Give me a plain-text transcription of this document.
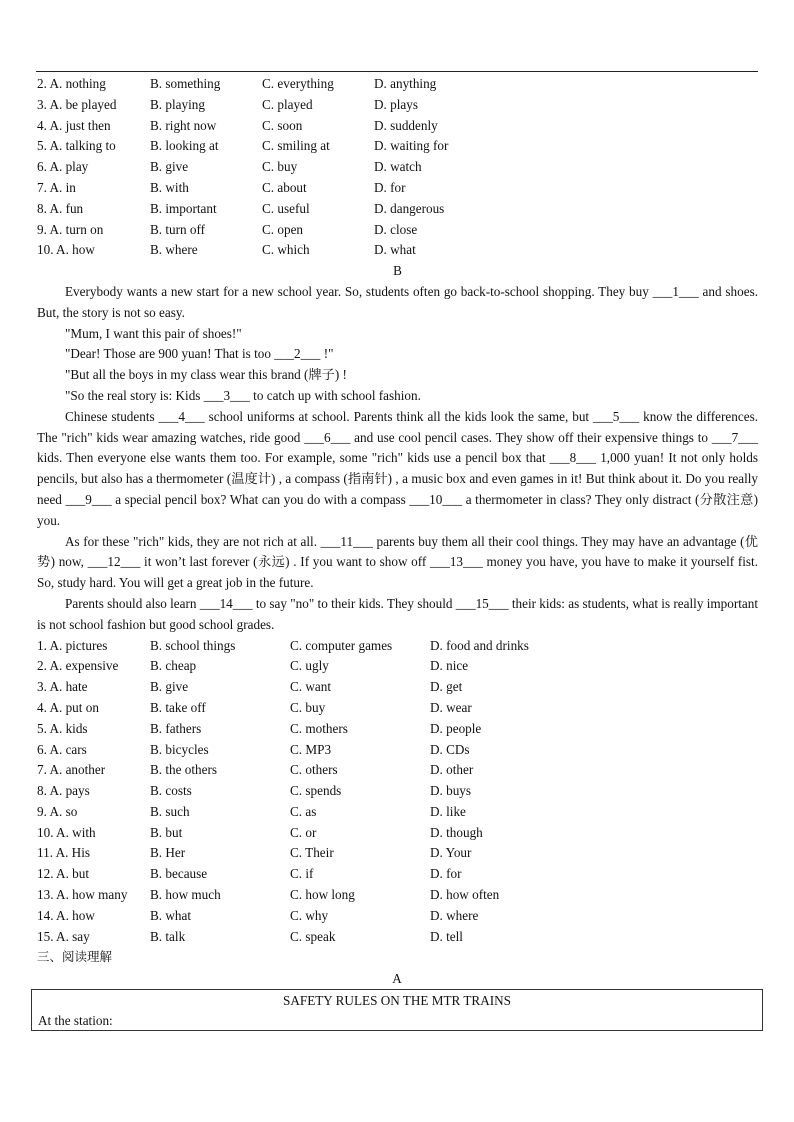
2. A. nothing	B. something	C. everything	D. anything
3. A. be played	B. playing	C. played	D. plays
4. A. just then	B. right now	C. soon	D. suddenly
5. A. talking to	B. looking at	C. smiling at	D. waiting for
6. A. play	B. give	C. buy	D. watch
7. A. in	B. with	C. about	D. for
8. A. fun	B. important	C. useful	D. dangerous
9. A. turn on	B. turn off	C. open	D. close
10. A. how	B. where	C. which	D. what
B

Everybody wants a new start for a new school year. So, students often go back-to-school shopping. They buy ___1___ and shoes. But, the story is not so easy.

"Mum, I want this pair of shoes!"

"Dear! Those are 900 yuan! That is too ___2___ !"

"But all the boys in my class wear this brand (牌子) !

"So the real story is: Kids ___3___ to catch up with school fashion.

Chinese students ___4___ school uniforms at school. Parents think all the kids look the same, but ___5___ know the differences. The "rich" kids wear amazing watches, ride good ___6___ and use cool pencil cases. They show off their expensive things to ___7___ kids. Then everyone else wants them too. For example, some "rich" kids use a pencil box that ___8___ 1,000 yuan! It not only holds pencils, but also has a thermometer (温度计) , a compass (指南针) , a music box and even games in it! But think about it. Do you really need ___9___ a special pencil box? What can you do with a compass ___10___ a thermometer in class? They only distract (分散注意) you.

As for these "rich" kids, they are not rich at all. ___11___ parents buy them all their cool things. They may have an advantage (优势) now, ___12___ it won’t last forever (永远) . If you want to show off ___13___ money you have, you have to make it yourself fist. So, study hard. You will get a great job in the future.

Parents should also learn ___14___ to say "no" to their kids. They should ___15___ their kids: as students, what is really important is not school fashion but good school grades.

1. A. pictures	B. school things	C. computer games	D. food and drinks
2. A. expensive	B. cheap	C. ugly	D. nice
3. A. hate	B. give	C. want	D. get
4. A. put on	B. take off	C. buy	D. wear
5. A. kids	B. fathers	C. mothers	D. people
6. A. cars	B. bicycles	C. MP3	D. CDs
7. A. another	B. the others	C. others	D. other
8. A. pays	B. costs	C. spends	D. buys
9. A. so	B. such	C. as	D. like
10. A. with	B. but	C. or	D. though
11. A. His	B. Her	C. Their	D. Your
12. A. but	B. because	C. if	D. for
13. A. how many	B. how much	C. how long	D. how often
14. A. how	B. what	C. why	D. where
15. A. say	B. talk	C. speak	D. tell
三、阅读理解
A
SAFETY RULES ON THE MTR TRAINS
At the station:
